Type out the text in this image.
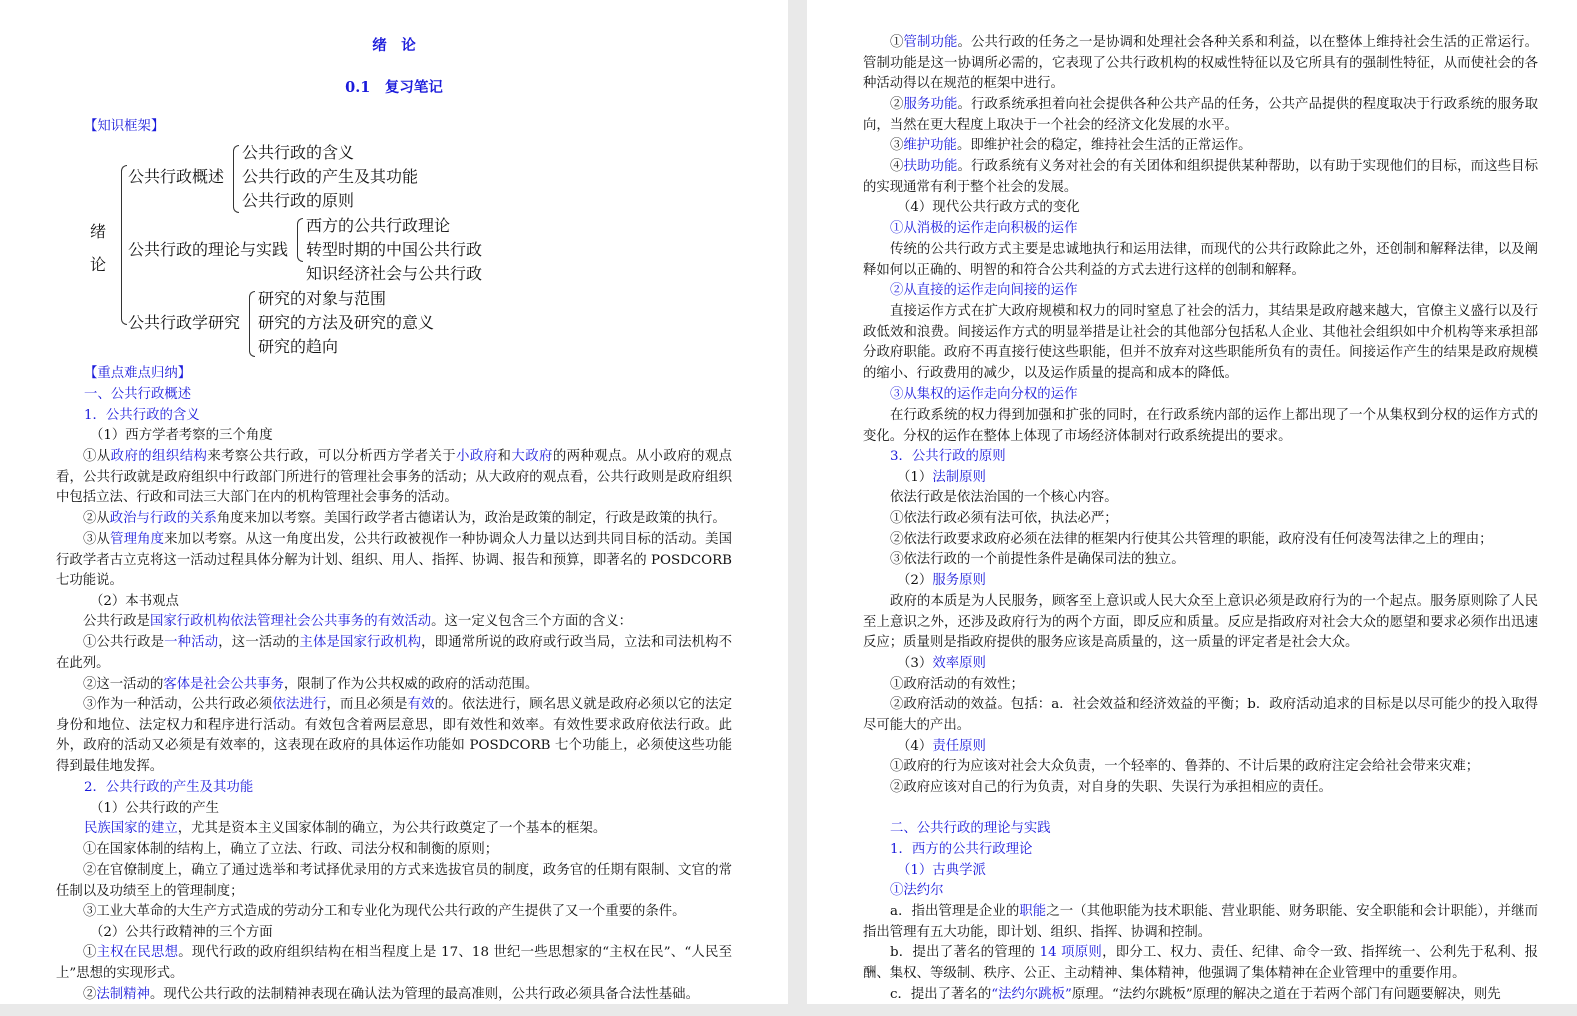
绪　论

0.1　复习笔记

【知识框架】

绪
论
公共行政概述
公共行政的含义
公共行政的产生及其功能
公共行政的原则
公共行政的理论与实践
西方的公共行政理论
转型时期的中国公共行政
知识经济社会与公共行政
公共行政学研究
研究的对象与范围
研究的方法及研究的意义
研究的趋向

【重点难点归纳】

一、公共行政概述

1．公共行政的含义

（1）西方学者考察的三个角度

①从政府的组织结构来考察公共行政，可以分析西方学者关于小政府和大政府的两种观点。从小政府的观点看，公共行政就是政府组织中行政部门所进行的管理社会事务的活动；从大政府的观点看，公共行政则是政府组织中包括立法、行政和司法三大部门在内的机构管理社会事务的活动。

②从政治与行政的关系角度来加以考察。美国行政学者古德诺认为，政治是政策的制定，行政是政策的执行。

③从管理角度来加以考察。从这一角度出发，公共行政被视作一种协调众人力量以达到共同目标的活动。美国行政学者古立克将这一活动过程具体分解为计划、组织、用人、指挥、协调、报告和预算，即著名的 POSDCORB 七功能说。

（2）本书观点

公共行政是国家行政机构依法管理社会公共事务的有效活动。这一定义包含三个方面的含义：

①公共行政是一种活动，这一活动的主体是国家行政机构，即通常所说的政府或行政当局，立法和司法机构不在此列。

②这一活动的客体是社会公共事务，限制了作为公共权威的政府的活动范围。

③作为一种活动，公共行政必须依法进行，而且必须是有效的。依法进行，顾名思义就是政府必须以它的法定身份和地位、法定权力和程序进行活动。有效包含着两层意思，即有效性和效率。有效性要求政府依法行政。此外，政府的活动又必须是有效率的，这表现在政府的具体运作功能如 POSDCORB 七个功能上，必须使这些功能得到最佳地发挥。

2．公共行政的产生及其功能

（1）公共行政的产生

民族国家的建立，尤其是资本主义国家体制的确立，为公共行政奠定了一个基本的框架。

①在国家体制的结构上，确立了立法、行政、司法分权和制衡的原则；

②在官僚制度上，确立了通过选举和考试择优录用的方式来选拔官员的制度，政务官的任期有限制、文官的常任制以及功绩至上的管理制度；

③工业大革命的大生产方式造成的劳动分工和专业化为现代公共行政的产生提供了又一个重要的条件。

（2）公共行政精神的三个方面

①主权在民思想。现代行政的政府组织结构在相当程度上是 17、18 世纪一些思想家的“主权在民”、“人民至上”思想的实现形式。

②法制精神。现代公共行政的法制精神表现在确认法为管理的最高准则，公共行政必须具备合法性基础。

①管制功能。公共行政的任务之一是协调和处理社会各种关系和利益，以在整体上维持社会生活的正常运行。管制功能是这一协调所必需的，它表现了公共行政机构的权威性特征以及它所具有的强制性特征，从而使社会的各种活动得以在规范的框架中进行。

②服务功能。行政系统承担着向社会提供各种公共产品的任务，公共产品提供的程度取决于行政系统的服务取向，当然在更大程度上取决于一个社会的经济文化发展的水平。

③维护功能。即维护社会的稳定，维持社会生活的正常运作。

④扶助功能。行政系统有义务对社会的有关团体和组织提供某种帮助，以有助于实现他们的目标，而这些目标的实现通常有利于整个社会的发展。

（4）现代公共行政方式的变化

①从消极的运作走向积极的运作

传统的公共行政方式主要是忠诚地执行和运用法律，而现代的公共行政除此之外，还创制和解释法律，以及阐释如何以正确的、明智的和符合公共利益的方式去进行这样的创制和解释。

②从直接的运作走向间接的运作

直接运作方式在扩大政府规模和权力的同时窒息了社会的活力，其结果是政府越来越大，官僚主义盛行以及行政低效和浪费。间接运作方式的明显举措是让社会的其他部分包括私人企业、其他社会组织如中介机构等来承担部分政府职能。政府不再直接行使这些职能，但并不放弃对这些职能所负有的责任。间接运作产生的结果是政府规模的缩小、行政费用的减少，以及运作质量的提高和成本的降低。

③从集权的运作走向分权的运作

在行政系统的权力得到加强和扩张的同时，在行政系统内部的运作上都出现了一个从集权到分权的运作方式的变化。分权的运作在整体上体现了市场经济体制对行政系统提出的要求。

3．公共行政的原则

（1）法制原则

依法行政是依法治国的一个核心内容。

①依法行政必须有法可依，执法必严；

②依法行政要求政府必须在法律的框架内行使其公共管理的职能，政府没有任何凌驾法律之上的理由；

③依法行政的一个前提性条件是确保司法的独立。

（2）服务原则

政府的本质是为人民服务，顾客至上意识或人民大众至上意识必须是政府行为的一个起点。服务原则除了人民至上意识之外，还涉及政府行为的两个方面，即反应和质量。反应是指政府对社会大众的愿望和要求必须作出迅速反应；质量则是指政府提供的服务应该是高质量的，这一质量的评定者是社会大众。

（3）效率原则

①政府活动的有效性；

②政府活动的效益。包括：a．社会效益和经济效益的平衡；b．政府活动追求的目标是以尽可能少的投入取得尽可能大的产出。

（4）责任原则

①政府的行为应该对社会大众负责，一个轻率的、鲁莽的、不计后果的政府注定会给社会带来灾难；

②政府应该对自己的行为负责，对自身的失职、失误行为承担相应的责任。

二、公共行政的理论与实践

1．西方的公共行政理论

（1）古典学派

①法约尔

a．指出管理是企业的职能之一（其他职能为技术职能、营业职能、财务职能、安全职能和会计职能），并继而指出管理有五大功能，即计划、组织、指挥、协调和控制。

b．提出了著名的管理的 14 项原则，即分工、权力、责任、纪律、命令一致、指挥统一、公利先于私利、报酬、集权、等级制、秩序、公正、主动精神、集体精神，他强调了集体精神在企业管理中的重要作用。

c．提出了著名的“法约尔跳板”原理。“法约尔跳板”原理的解决之道在于若两个部门有问题要解决，则先
